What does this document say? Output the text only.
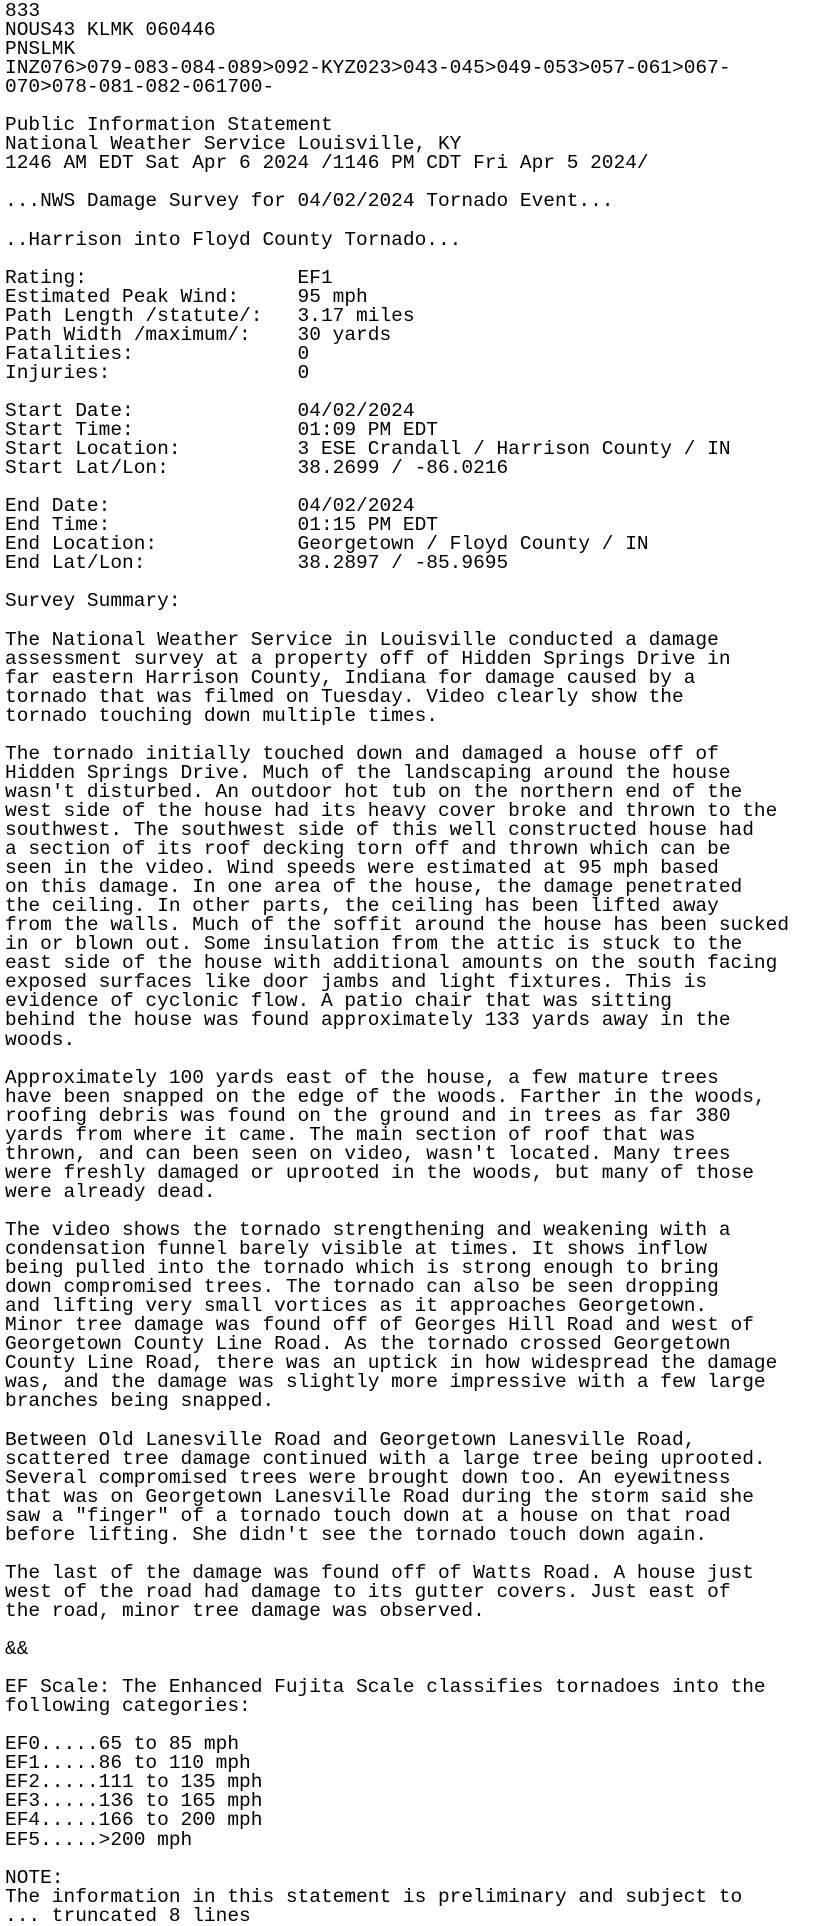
833
NOUS43 KLMK 060446
PNSLMK
INZ076>079-083-084-089>092-KYZ023>043-045>049-053>057-061>067-
070>078-081-082-061700-
Public Information Statement
National Weather Service Louisville, KY
1246 AM EDT Sat Apr 6 2024 /1146 PM CDT Fri Apr 5 2024/
...NWS Damage Survey for 04/02/2024 Tornado Event...
..Harrison into Floyd County Tornado...
Rating:                  EF1
Estimated Peak Wind:     95 mph
Path Length /statute/:   3.17 miles
Path Width /maximum/:    30 yards
Fatalities:              0
Injuries:                0
Start Date:              04/02/2024
Start Time:              01:09 PM EDT
Start Location:          3 ESE Crandall / Harrison County / IN
Start Lat/Lon:           38.2699 / -86.0216
End Date:                04/02/2024
End Time:                01:15 PM EDT
End Location:            Georgetown / Floyd County / IN
End Lat/Lon:             38.2897 / -85.9695
Survey Summary:
The National Weather Service in Louisville conducted a damage
assessment survey at a property off of Hidden Springs Drive in
far eastern Harrison County, Indiana for damage caused by a
tornado that was filmed on Tuesday. Video clearly show the
tornado touching down multiple times.
The tornado initially touched down and damaged a house off of
Hidden Springs Drive. Much of the landscaping around the house
wasn't disturbed. An outdoor hot tub on the northern end of the
west side of the house had its heavy cover broke and thrown to the
southwest. The southwest side of this well constructed house had
a section of its roof decking torn off and thrown which can be
seen in the video. Wind speeds were estimated at 95 mph based
on this damage. In one area of the house, the damage penetrated
the ceiling. In other parts, the ceiling has been lifted away
from the walls. Much of the soffit around the house has been sucked
in or blown out. Some insulation from the attic is stuck to the
east side of the house with additional amounts on the south facing
exposed surfaces like door jambs and light fixtures. This is
evidence of cyclonic flow. A patio chair that was sitting
behind the house was found approximately 133 yards away in the
woods.
Approximately 100 yards east of the house, a few mature trees
have been snapped on the edge of the woods. Farther in the woods,
roofing debris was found on the ground and in trees as far 380
yards from where it came. The main section of roof that was
thrown, and can been seen on video, wasn't located. Many trees
were freshly damaged or uprooted in the woods, but many of those
were already dead.
The video shows the tornado strengthening and weakening with a
condensation funnel barely visible at times. It shows inflow
being pulled into the tornado which is strong enough to bring
down compromised trees. The tornado can also be seen dropping
and lifting very small vortices as it approaches Georgetown.
Minor tree damage was found off of Georges Hill Road and west of
Georgetown County Line Road. As the tornado crossed Georgetown
County Line Road, there was an uptick in how widespread the damage
was, and the damage was slightly more impressive with a few large
branches being snapped.
Between Old Lanesville Road and Georgetown Lanesville Road,
scattered tree damage continued with a large tree being uprooted.
Several compromised trees were brought down too. An eyewitness
that was on Georgetown Lanesville Road during the storm said she
saw a "finger" of a tornado touch down at a house on that road
before lifting. She didn't see the tornado touch down again.
The last of the damage was found off of Watts Road. A house just
west of the road had damage to its gutter covers. Just east of
the road, minor tree damage was observed.
&&
EF Scale: The Enhanced Fujita Scale classifies tornadoes into the
following categories:
EF0.....65 to 85 mph
EF1.....86 to 110 mph
EF2.....111 to 135 mph
EF3.....136 to 165 mph
EF4.....166 to 200 mph
EF5.....>200 mph
NOTE:
The information in this statement is preliminary and subject to
... truncated 8 lines
